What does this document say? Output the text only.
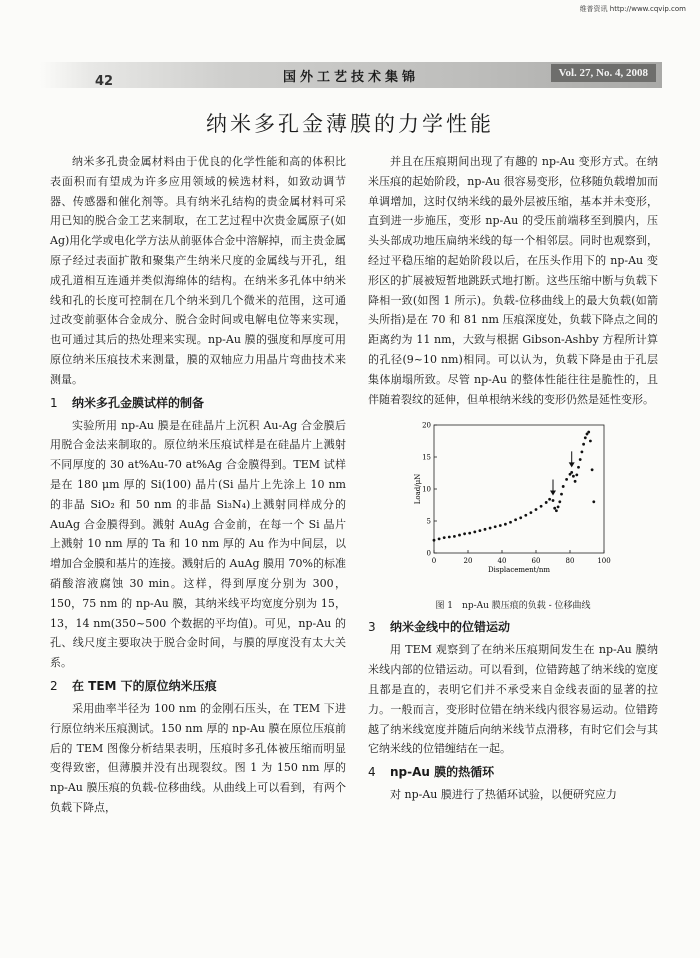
维普资讯 http://www.cqvip.com
国外工艺技术集锦	Vol. 27, No. 4, 2008
42
纳米多孔金薄膜的力学性能

纳米多孔贵金属材料由于优良的化学性能和高的体积比表面积而有望成为许多应用领域的候选材料，如致动调节器、传感器和催化剂等。具有纳米孔结构的贵金属材料可采用已知的脱合金工艺来制取，在工艺过程中次贵金属原子(如 Ag)用化学或电化学方法从前驱体合金中溶解掉，而主贵金属原子经过表面扩散和聚集产生纳米尺度的金属线与开孔，组成孔道相互连通并类似海绵体的结构。在纳米多孔体中纳米线和孔的长度可控制在几个纳米到几个微米的范围，这可通过改变前驱体合金成分、脱合金时间或电解电位等来实现，也可通过其后的热处理来实现。np-Au 膜的强度和厚度可用原位纳米压痕技术来测量，膜的双轴应力用晶片弯曲技术来测量。

1 纳米多孔金膜试样的制备

实验所用 np-Au 膜是在硅晶片上沉积 Au-Ag 合金膜后用脱合金法来制取的。原位纳米压痕试样是在硅晶片上溅射不同厚度的 30 at%Au-70 at%Ag 合金膜得到。TEM 试样是在 180 μm 厚的 Si(100) 晶片(Si 晶片上先涂上 10 nm 的非晶 SiO₂ 和 50 nm 的非晶 Si₃N₄)上溅射同样成分的 AuAg 合金膜得到。溅射 AuAg 合金前，在每一个 Si 晶片上溅射 10 nm 厚的 Ta 和 10 nm 厚的 Au 作为中间层，以增加合金膜和基片的连接。溅射后的 AuAg 膜用 70%的标准硝酸溶液腐蚀 30 min。这样，得到厚度分别为 300，150，75 nm 的 np-Au 膜，其纳米线平均宽度分别为 15，13，14 nm(350~500 个数据的平均值)。可见，np-Au 的孔、线尺度主要取决于脱合金时间，与膜的厚度没有太大关系。

2 在 TEM 下的原位纳米压痕

采用曲率半径为 100 nm 的金刚石压头，在 TEM 下进行原位纳米压痕测试。150 nm 厚的 np-Au 膜在原位压痕前后的 TEM 图像分析结果表明，压痕时多孔体被压缩而明显变得致密，但薄膜并没有出现裂纹。图 1 为 150 nm 厚的 np-Au 膜压痕的负载-位移曲线。从曲线上可以看到，有两个负载下降点，

并且在压痕期间出现了有趣的 np-Au 变形方式。在纳米压痕的起始阶段，np-Au 很容易变形，位移随负载增加而单调增加，这时仅纳米线的最外层被压缩，基本并未变形，直到进一步施压，变形 np-Au 的受压前端移至到膜内，压头头部成功地压扁纳米线的每一个相邻层。同时也观察到，经过平稳压缩的起始阶段以后，在压头作用下的 np-Au 变形区的扩展被短暂地跳跃式地打断。这些压缩中断与负载下降相一致(如图 1 所示)。负载-位移曲线上的最大负载(如箭头所指)是在 70 和 81 nm 压痕深度处，负载下降点之间的距离约为 11 nm，大致与根据 Gibson-Ashby 方程所计算的孔径(9~10 nm)相同。可以认为，负载下降是由于孔层集体崩塌所致。尽管 np-Au 的整体性能往往是脆性的，且伴随着裂纹的延伸，但单根纳米线的变形仍然是延性变形。

0	20	40	60	80	100
0
5
10
15
20
Displacement/nm
Load/μN
图 1　np-Au 膜压痕的负载 - 位移曲线
3 纳米金线中的位错运动

用 TEM 观察到了在纳米压痕期间发生在 np-Au 膜纳米线内部的位错运动。可以看到，位错跨越了纳米线的宽度且都是直的，表明它们并不承受来自金线表面的显著的拉力。一般而言，变形时位错在纳米线内很容易运动。位错跨越了纳米线宽度并随后向纳米线节点滑移，有时它们会与其它纳米线的位错缠结在一起。

4 np-Au 膜的热循环

对 np-Au 膜进行了热循环试验，以便研究应力
